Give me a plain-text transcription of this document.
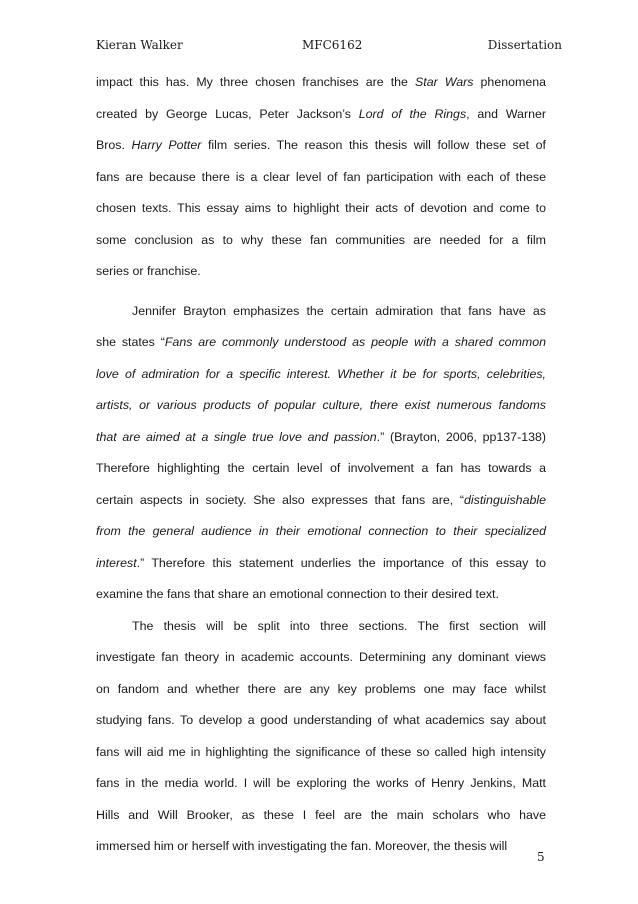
Kieran Walker	MFC6162	Dissertation
impact this has. My three chosen franchises are the Star Wars phenomena
created by George Lucas, Peter Jackson’s Lord of the Rings, and Warner
Bros. Harry Potter film series. The reason this thesis will follow these set of
fans are because there is a clear level of fan participation with each of these
chosen texts. This essay aims to highlight their acts of devotion and come to
some conclusion as to why these fan communities are needed for a film
series or franchise.
Jennifer Brayton emphasizes the certain admiration that fans have as
she states “Fans are commonly understood as people with a shared common
love of admiration for a specific interest. Whether it be for sports, celebrities,
artists, or various products of popular culture, there exist numerous fandoms
that are aimed at a single true love and passion.” (Brayton, 2006, pp137-138)
Therefore highlighting the certain level of involvement a fan has towards a
certain aspects in society. She also expresses that fans are, “distinguishable
from the general audience in their emotional connection to their specialized
interest.” Therefore this statement underlies the importance of this essay to
examine the fans that share an emotional connection to their desired text.
The thesis will be split into three sections. The first section will
investigate fan theory in academic accounts. Determining any dominant views
on fandom and whether there are any key problems one may face whilst
studying fans. To develop a good understanding of what academics say about
fans will aid me in highlighting the significance of these so called high intensity
fans in the media world. I will be exploring the works of Henry Jenkins, Matt
Hills and Will Brooker, as these I feel are the main scholars who have
immersed him or herself with investigating the fan. Moreover, the thesis will
5
